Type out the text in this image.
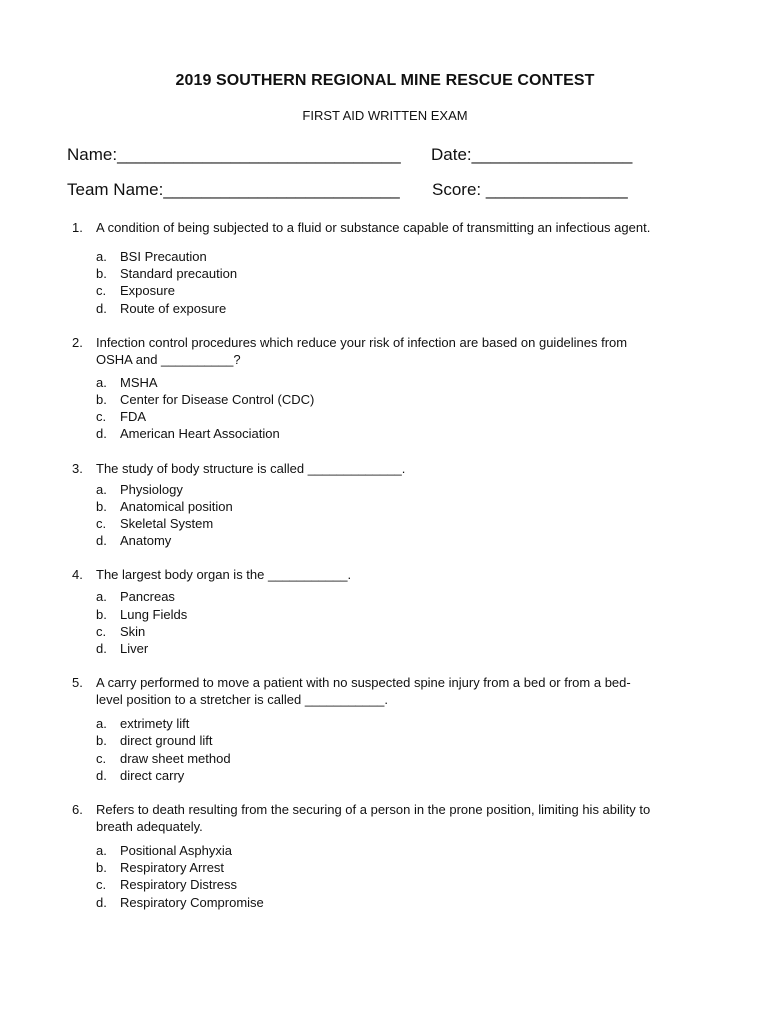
2019 SOUTHERN REGIONAL MINE RESCUE CONTEST
FIRST AID WRITTEN EXAM
Name:______________________________ Date:_________________
Team Name:_________________________ Score: _______________
1.	A condition of being subjected to a fluid or substance capable of transmitting an infectious agent.
a.	BSI Precaution
b.	Standard precaution
c.	Exposure
d.	Route of exposure
2.	Infection control procedures which reduce your risk of infection are based on guidelines from OSHA and __________?
a.	MSHA
b.	Center for Disease Control (CDC)
c.	FDA
d.	American Heart Association
3.	The study of body structure is called _____________.
a.	Physiology
b.	Anatomical position
c.	Skeletal System
d.	Anatomy
4.	The largest body organ is the ___________.
a.	Pancreas
b.	Lung Fields
c.	Skin
d.	Liver
5.	A carry performed to move a patient with no suspected spine injury from a bed or from a bed-level position to a stretcher is called ___________.
a.	extrimety lift
b.	direct ground lift
c.	draw sheet method
d.	direct carry
6.	Refers to death resulting from the securing of a person in the prone position, limiting his ability to breath adequately.
a.	Positional Asphyxia
b.	Respiratory Arrest
c.	Respiratory Distress
d.	Respiratory Compromise
